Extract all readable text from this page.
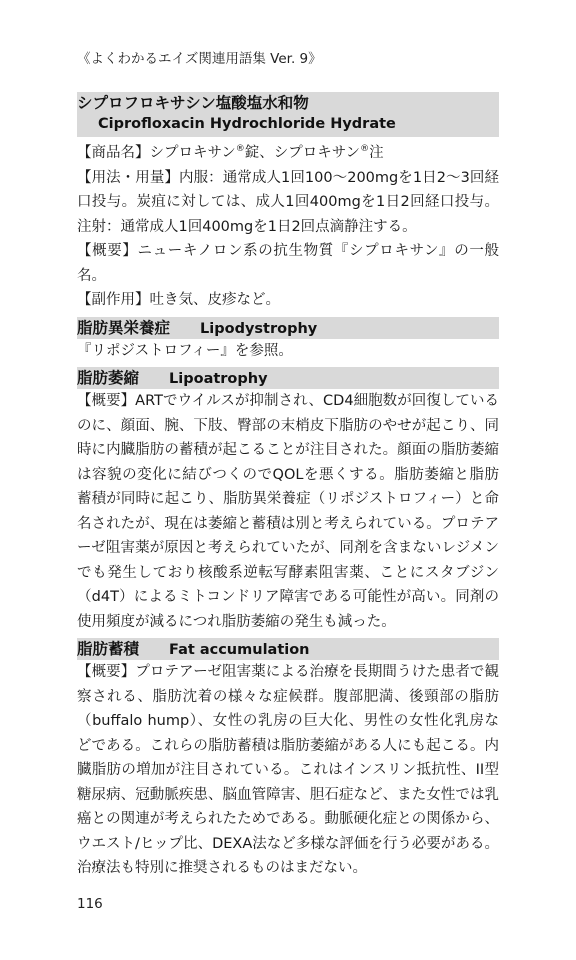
《よくわかるエイズ関連用語集 Ver. 9》
シプロフロキサシン塩酸塩水和物
Ciprofloxacin Hydrochloride Hydrate

【商品名】シプロキサン®錠、シプロキサン®注

【用法・用量】内服：通常成人1回100〜200mgを1日2〜3回経口投与。炭疽に対しては、成人1回400mgを1日2回経口投与。注射：通常成人1回400mgを1日2回点滴静注する。

【概要】ニューキノロン系の抗生物質『シプロキサン』の一般名。

【副作用】吐き気、皮疹など。

脂肪異栄養症 Lipodystrophy

『リポジストロフィー』を参照。

脂肪萎縮 Lipoatrophy

【概要】ARTでウイルスが抑制され、CD4細胞数が回復しているのに、顔面、腕、下肢、臀部の末梢皮下脂肪のやせが起こり、同時に内臓脂肪の蓄積が起こることが注目された。顔面の脂肪萎縮は容貌の変化に結びつくのでQOLを悪くする。脂肪萎縮と脂肪蓄積が同時に起こり、脂肪異栄養症（リポジストロフィー）と命名されたが、現在は萎縮と蓄積は別と考えられている。プロテアーゼ阻害薬が原因と考えられていたが、同剤を含まないレジメンでも発生しており核酸系逆転写酵素阻害薬、ことにスタブジン（d4T）によるミトコンドリア障害である可能性が高い。同剤の使用頻度が減るにつれ脂肪萎縮の発生も減った。

脂肪蓄積 Fat accumulation

【概要】プロテアーゼ阻害薬による治療を長期間うけた患者で観察される、脂肪沈着の様々な症候群。腹部肥満、後頸部の脂肪（buffalo hump）、女性の乳房の巨大化、男性の女性化乳房などである。これらの脂肪蓄積は脂肪萎縮がある人にも起こる。内臓脂肪の増加が注目されている。これはインスリン抵抗性、II型糖尿病、冠動脈疾患、脳血管障害、胆石症など、また女性では乳癌との関連が考えられたためである。動脈硬化症との関係から、ウエスト/ヒップ比、DEXA法など多様な評価を行う必要がある。治療法も特別に推奨されるものはまだない。

116
